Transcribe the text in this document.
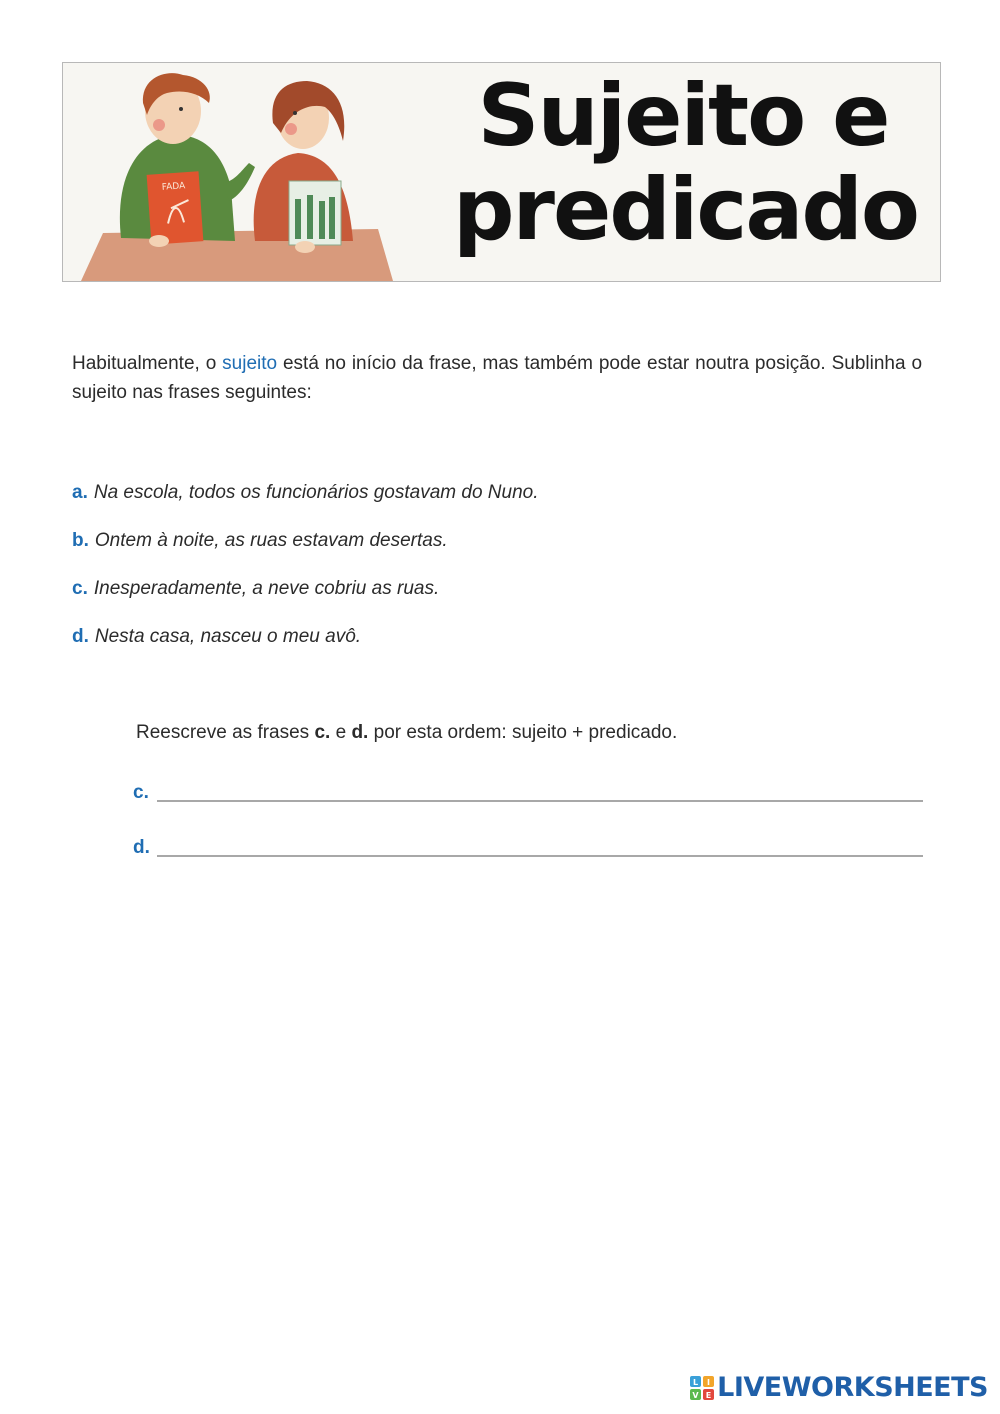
FADA
Sujeito e
predicado

Habitualmente, o sujeito está no início da frase, mas também pode estar noutra posição. Sublinha o sujeito nas frases seguintes:

a. Na escola, todos os funcionários gostavam do Nuno.
b. Ontem à noite, as ruas estavam desertas.
c. Inesperadamente, a neve cobriu as ruas.
d. Nesta casa, nasceu o meu avô.

Reescreve as frases c. e d. por esta ordem: sujeito + predicado.

c.
d.
L I
V E LIVEWORKSHEETS
